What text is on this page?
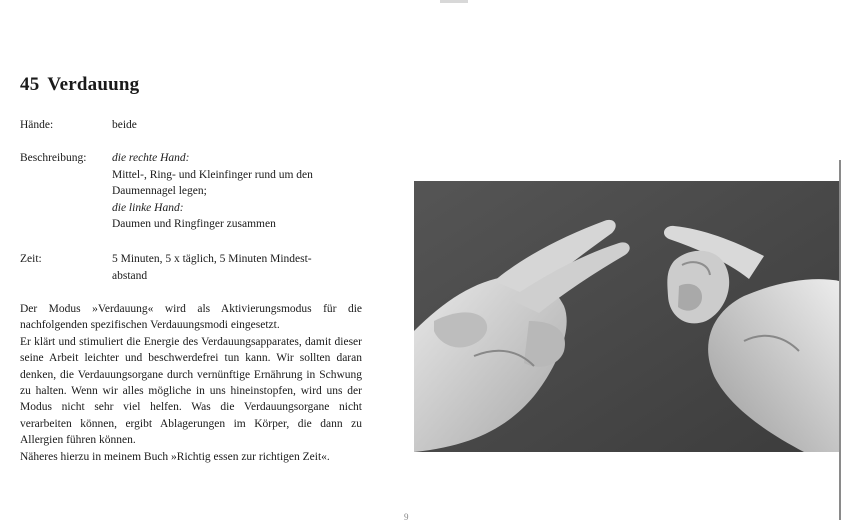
45 Verdauung
Hände:	beide
Beschreibung:	die rechte Hand:
Mittel-, Ring- und Kleinfinger rund um den
Daumennagel legen;
die linke Hand:
Daumen und Ringfinger zusammen
Zeit:	5 Minuten, 5 x täglich, 5 Minuten Mindest-
abstand

Der Modus »Verdauung« wird als Aktivierungsmodus für die nachfolgenden spezifischen Verdauungsmodi eingesetzt.

Er klärt und stimuliert die Energie des Verdauungsapparates, damit dieser seine Arbeit leichter und beschwerdefrei tun kann. Wir sollten daran denken, die Verdauungsorgane durch vernünftige Ernährung in Schwung zu halten. Wenn wir alles mögliche in uns hineinstopfen, wird uns der Modus nicht sehr viel helfen. Was die Verdauungsorgane nicht verarbeiten können, ergibt Ablagerungen im Körper, die dann zu Allergien führen können.

Näheres hierzu in meinem Buch »Richtig essen zur richtigen Zeit«.

9
